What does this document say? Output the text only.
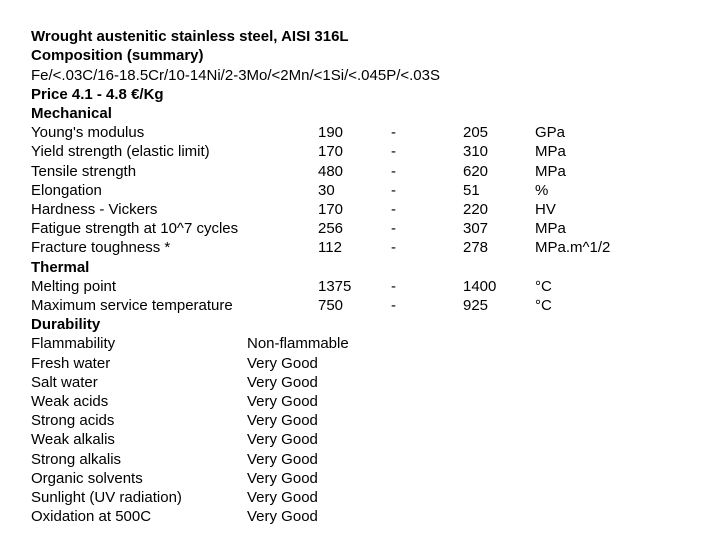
Wrought austenitic stainless steel, AISI 316L
Composition (summary)
Fe/<.03C/16-18.5Cr/10-14Ni/2-3Mo/<2Mn/<1Si/<.045P/<.03S
Price 4.1 - 4.8 €/Kg
Mechanical
Young's modulus	190	-	205	GPa
Yield strength (elastic limit)	170	-	310	MPa
Tensile strength	480	-	620	MPa
Elongation	30	-	51	%
Hardness - Vickers	170	-	220	HV
Fatigue strength at 10^7 cycles	256	-	307	MPa
Fracture toughness *	112	-	278	MPa.m^1/2
Thermal
Melting point	1375	-	1400	°C
Maximum service temperature	750	-	925	°C
Durability
Flammability	Non-flammable
Fresh water	Very Good
Salt water	Very Good
Weak acids	Very Good
Strong acids	Very Good
Weak alkalis	Very Good
Strong alkalis	Very Good
Organic solvents	Very Good
Sunlight (UV radiation)	Very Good
Oxidation at 500C	Very Good
